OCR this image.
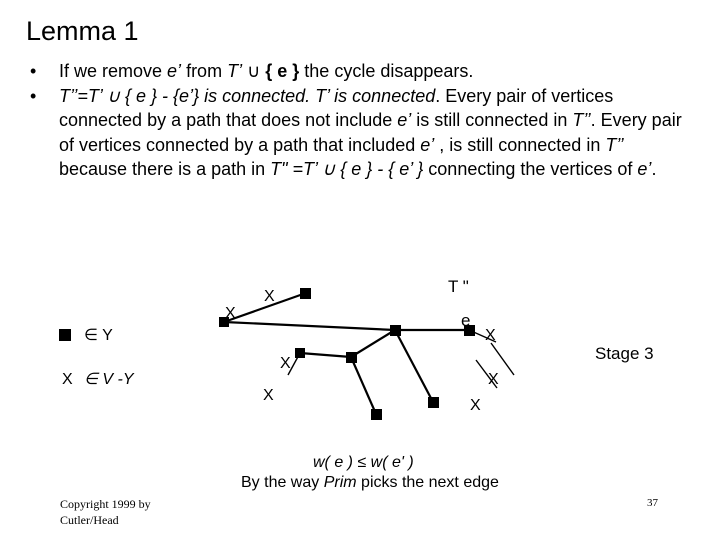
Lemma 1
• If we remove e’ from T’ ∪ { e } the cycle disappears.
• T’’=T’ ∪ { e } - {e’} is connected. T’ is connected. Every pair of vertices connected by a path that does not include e’ is still connected in T’’. Every pair of vertices connected by a path that included e’ , is still connected in T’’ because there is a path in T" =T’ ∪ { e } - { e’ } connecting the vertices of e’.
∈ Y
X ∈ V -Y
T "
e
Stage 3
X
X
X
X
X
X
X
w( e ) ≤ w( e' )
By the way Prim picks the next edge
Copyright 1999 by
Cutler/Head
37
